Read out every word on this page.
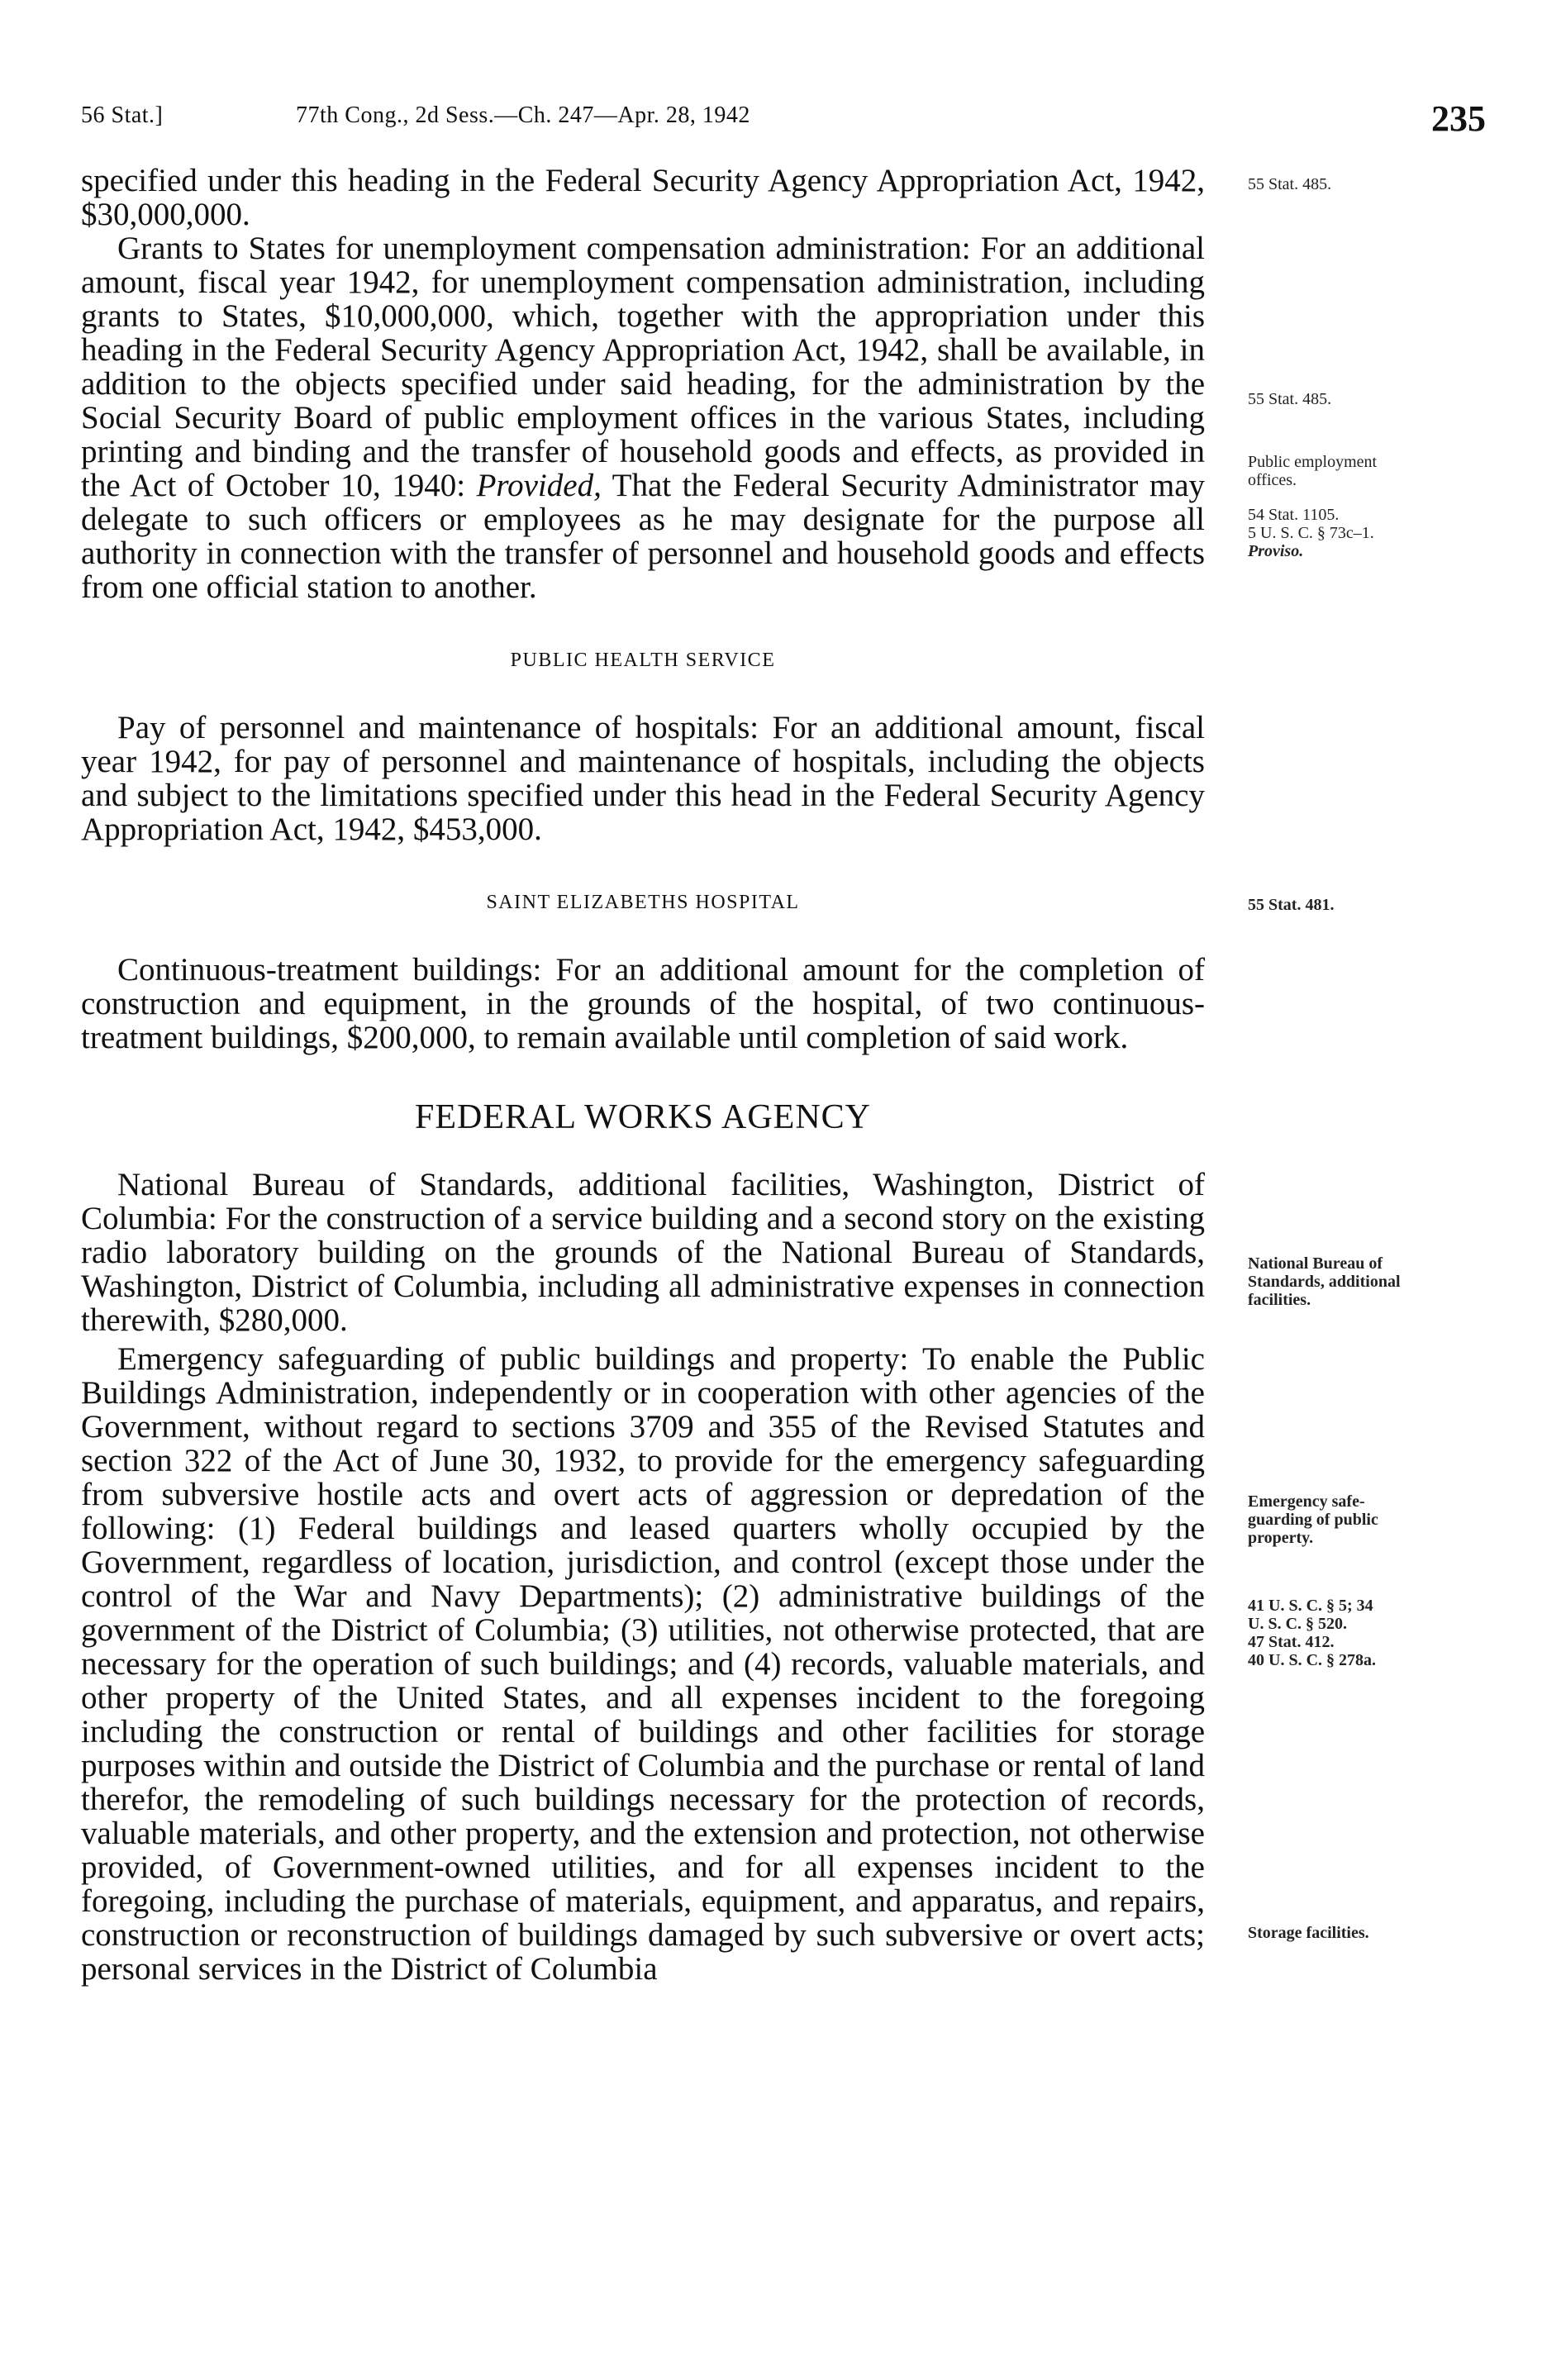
56 Stat.]	77th Cong., 2d Sess.—Ch. 247—Apr. 28, 1942	235

specified under this heading in the Federal Security Agency Appropriation Act, 1942, $30,000,000.

Grants to States for unemployment compensation administration: For an additional amount, fiscal year 1942, for unemployment compensation administration, including grants to States, $10,000,000, which, together with the appropriation under this heading in the Federal Security Agency Appropriation Act, 1942, shall be available, in addition to the objects specified under said heading, for the administration by the Social Security Board of public employment offices in the various States, including printing and binding and the transfer of household goods and effects, as provided in the Act of October 10, 1940: Provided, That the Federal Security Administrator may delegate to such officers or employees as he may designate for the purpose all authority in connection with the transfer of personnel and household goods and effects from one official station to another.

PUBLIC HEALTH SERVICE

Pay of personnel and maintenance of hospitals: For an additional amount, fiscal year 1942, for pay of personnel and maintenance of hospitals, including the objects and subject to the limitations specified under this head in the Federal Security Agency Appropriation Act, 1942, $453,000.

SAINT ELIZABETHS HOSPITAL

Continuous-treatment buildings: For an additional amount for the completion of construction and equipment, in the grounds of the hospital, of two continuous-treatment buildings, $200,000, to remain available until completion of said work.

FEDERAL WORKS AGENCY

National Bureau of Standards, additional facilities, Washington, District of Columbia: For the construction of a service building and a second story on the existing radio laboratory building on the grounds of the National Bureau of Standards, Washington, District of Columbia, including all administrative expenses in connection therewith, $280,000.

Emergency safeguarding of public buildings and property: To enable the Public Buildings Administration, independently or in cooperation with other agencies of the Government, without regard to sections 3709 and 355 of the Revised Statutes and section 322 of the Act of June 30, 1932, to provide for the emergency safeguarding from subversive hostile acts and overt acts of aggression or depredation of the following: (1) Federal buildings and leased quarters wholly occupied by the Government, regardless of location, jurisdiction, and control (except those under the control of the War and Navy Departments); (2) administrative buildings of the government of the District of Columbia; (3) utilities, not otherwise protected, that are necessary for the operation of such buildings; and (4) records, valuable materials, and other property of the United States, and all expenses incident to the foregoing including the construction or rental of buildings and other facilities for storage purposes within and outside the District of Columbia and the purchase or rental of land therefor, the remodeling of such buildings necessary for the protection of records, valuable materials, and other property, and the extension and protection, not otherwise provided, of Government-owned utilities, and for all expenses incident to the foregoing, including the purchase of materials, equipment, and apparatus, and repairs, construction or reconstruction of buildings damaged by such subversive or overt acts; personal services in the District of Columbia

55 Stat. 485.
55 Stat. 485.
Public employment
offices.
54 Stat. 1105.
5 U. S. C. § 73c–1.
Proviso.
55 Stat. 481.
National Bureau of
Standards, additional
facilities.
Emergency safe-
guarding of public
property.
41 U. S. C. § 5; 34
U. S. C. § 520.
47 Stat. 412.
40 U. S. C. § 278a.
Storage facilities.
